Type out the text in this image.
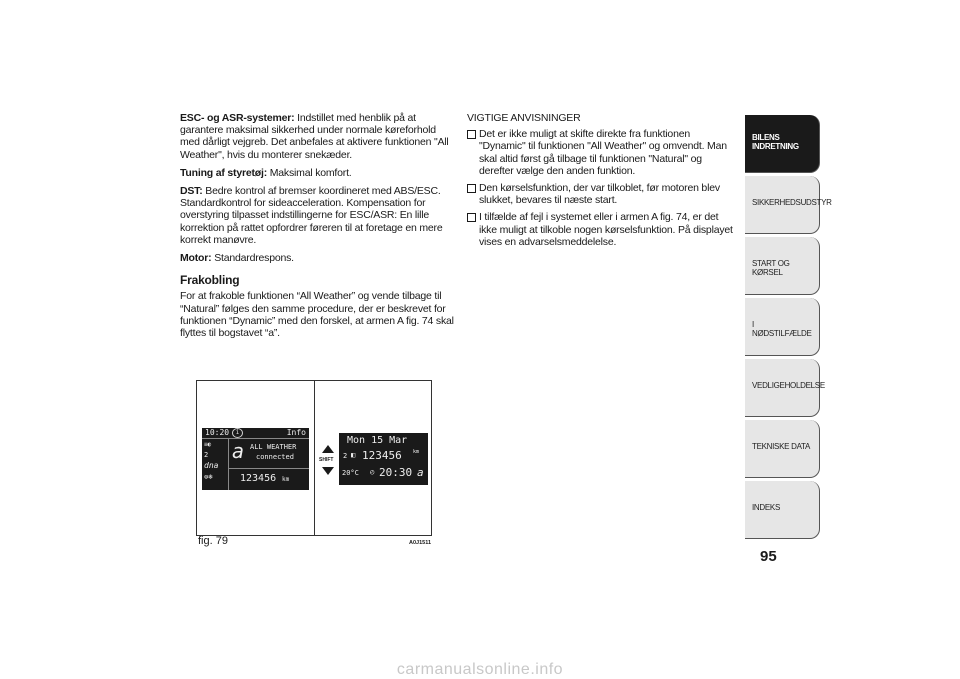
ESC- og ASR-systemer: Indstillet med henblik på at garantere maksimal sikkerhed under normale køreforhold med dårligt vejgreb. Det anbefales at aktivere funktionen "All Weather", hvis du monterer snekæder.

Tuning af styretøj: Maksimal komfort.

DST: Bedre kontrol af bremser koordineret med ABS/ESC. Standardkontrol for sideacceleration. Kompensation for overstyring tilpasset indstillingerne for ESC/ASR: En lille korrektion på rattet opfordrer føreren til at foretage en mere korrekt manøvre.

Motor: Standardrespons.

Frakobling

For at frakoble funktionen “All Weather” og vende tilbage til “Natural” følges den samme procedure, der er beskrevet for funktionen “Dynamic” med den forskel, at armen A fig. 74 skal flyttes til bogstavet “a”.

VIGTIGE ANVISNINGER

Det er ikke muligt at skifte direkte fra funktionen "Dynamic" til funktionen "All Weather" og omvendt. Man skal altid først gå tilbage til funktionen "Natural" og derefter vælge den anden funktion.
Den kørselsfunktion, der var tilkoblet, før motoren blev slukket, bevares til næste start.
I tilfælde af fejl i systemet eller i armen A fig. 74, er det ikke muligt at tilkoble nogen kørselsfunktion. På displayet vises en advarselsmeddelelse.
10:20	i	Info
≡◐
2
dna
⊜❄
a ALL WEATHER
connected
123456 km
SHIFT
Mon 15 Mar
2 ◧ 123456 km
20°C ◴ 20:30 a
fig. 79	A0J1511
BILENS INDRETNING
SIKKERHEDSUDSTYR
START OG KØRSEL
I NØDSTILFÆLDE
VEDLIGEHOLDELSE
TEKNISKE DATA
INDEKS
95
carmanualsonline.info
